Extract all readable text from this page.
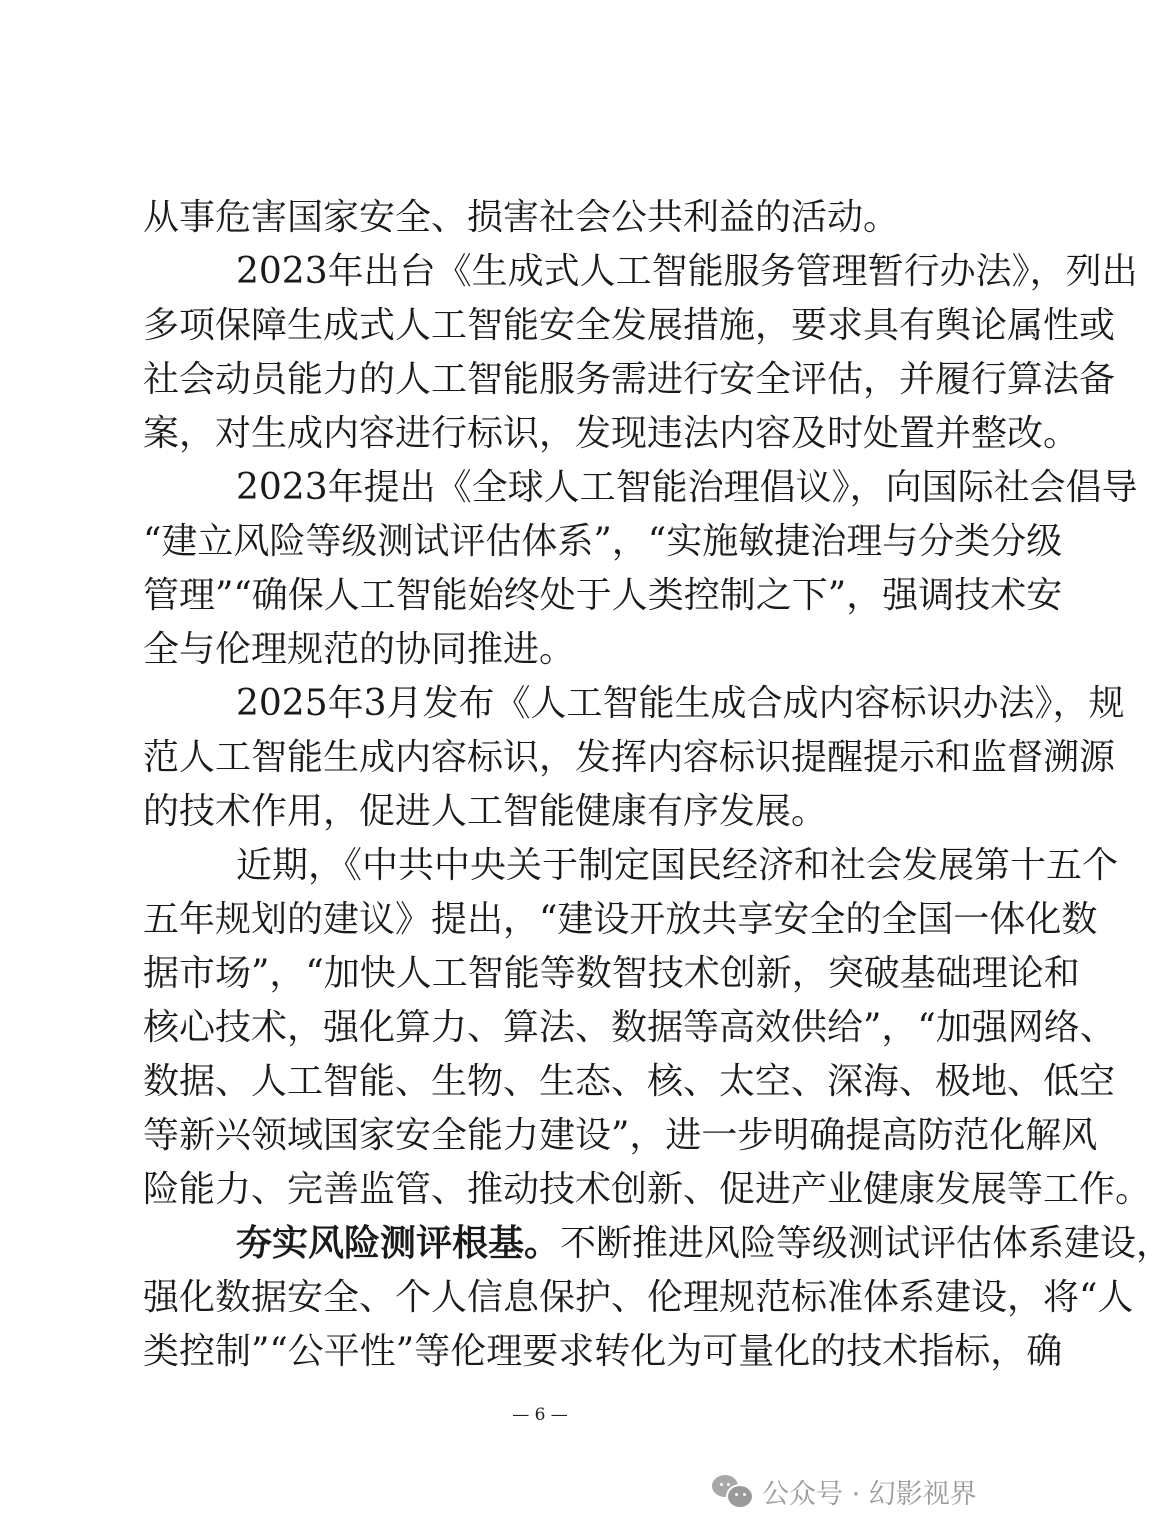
从事危害国家安全、损害社会公共利益的活动。
2023年出台《生成式人工智能服务管理暂行办法》，列出
多项保障生成式人工智能安全发展措施，要求具有舆论属性或
社会动员能力的人工智能服务需进行安全评估，并履行算法备
案，对生成内容进行标识，发现违法内容及时处置并整改。
2023年提出《全球人工智能治理倡议》，向国际社会倡导
“建立风险等级测试评估体系”，“实施敏捷治理与分类分级
管理”“确保人工智能始终处于人类控制之下”，强调技术安
全与伦理规范的协同推进。
2025年3月发布《人工智能生成合成内容标识办法》，规
范人工智能生成内容标识，发挥内容标识提醒提示和监督溯源
的技术作用，促进人工智能健康有序发展。
近期，《中共中央关于制定国民经济和社会发展第十五个
五年规划的建议》提出，“建设开放共享安全的全国一体化数
据市场”，“加快人工智能等数智技术创新，突破基础理论和
核心技术，强化算力、算法、数据等高效供给”，“加强网络、
数据、人工智能、生物、生态、核、太空、深海、极地、低空
等新兴领域国家安全能力建设”，进一步明确提高防范化解风
险能力、完善监管、推动技术创新、促进产业健康发展等工作。
夯实风险测评根基。不断推进风险等级测试评估体系建设，
强化数据安全、个人信息保护、伦理规范标准体系建设，将“人
类控制”“公平性”等伦理要求转化为可量化的技术指标，确
— 6 —
公众号 · 幻影视界
